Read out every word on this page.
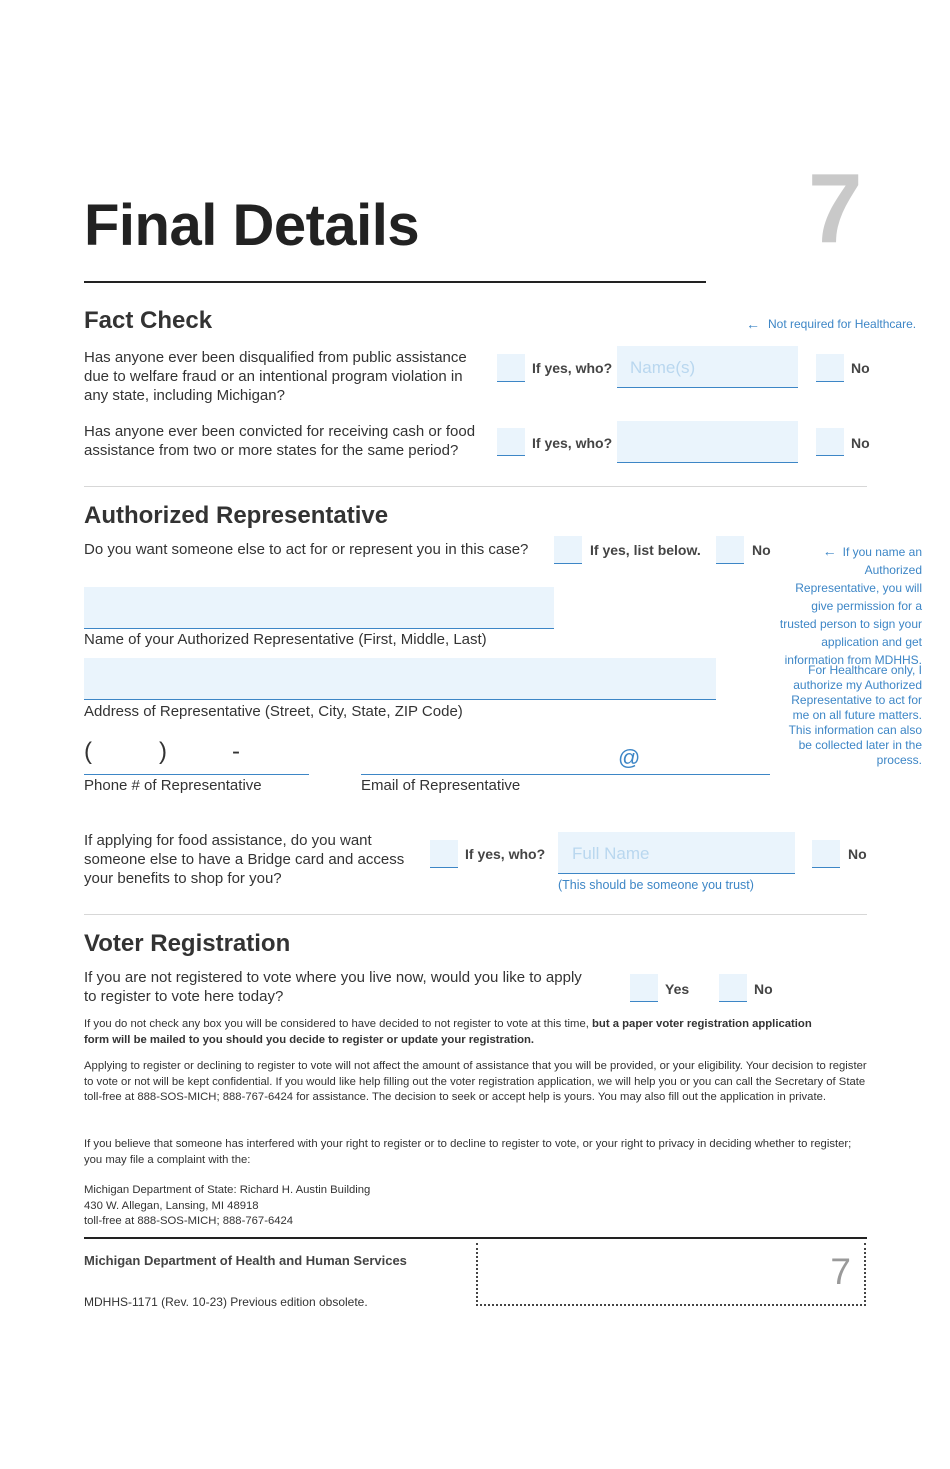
Final Details	7
Fact Check	← Not required for Healthcare.
Has anyone ever been disqualified from public assistance due to welfare fraud or an intentional program violation in any state, including Michigan?
If yes, who?	Name(s)	No
Has anyone ever been convicted for receiving cash or food assistance from two or more states for the same period?	If yes, who?	No
Authorized Representative
Do you want someone else to act for or represent you in this case?	If yes, list below.	No	← If you name an Authorized Representative, you will give permission for a trusted person to sign your application and get information from MDHHS.
For Healthcare only, I authorize my Authorized Representative to act for me on all future matters. This information can also be collected later in the process.
Name of your Authorized Representative (First, Middle, Last)
Address of Representative (Street, City, State, ZIP Code)
(	)	-
Phone # of Representative
@
Email of Representative
If applying for food assistance, do you want someone else to have a Bridge card and access your benefits to shop for you?
If yes, who?	Full Name
(This should be someone you trust)
No
Voter Registration
If you are not registered to vote where you live now, would you like to apply to register to vote here today?	Yes	No
If you do not check any box you will be considered to have decided to not register to vote at this time, but a paper voter registration application form will be mailed to you should you decide to register or update your registration.
Applying to register or declining to register to vote will not affect the amount of assistance that you will be provided, or your eligibility. Your decision to register to vote or not will be kept confidential. If you would like help filling out the voter registration application, we will help you or you can call the Secretary of State toll-free at 888-SOS-MICH; 888-767-6424 for assistance. The decision to seek or accept help is yours. You may also fill out the application in private.
If you believe that someone has interfered with your right to register or to decline to register to vote, or your right to privacy in deciding whether to register; you may file a complaint with the:
Michigan Department of State: Richard H. Austin Building
430 W. Allegan, Lansing, MI 48918
toll-free at 888-SOS-MICH; 888-767-6424
Michigan Department of Health and Human Services
MDHHS-1171 (Rev. 10-23) Previous edition obsolete.
7
